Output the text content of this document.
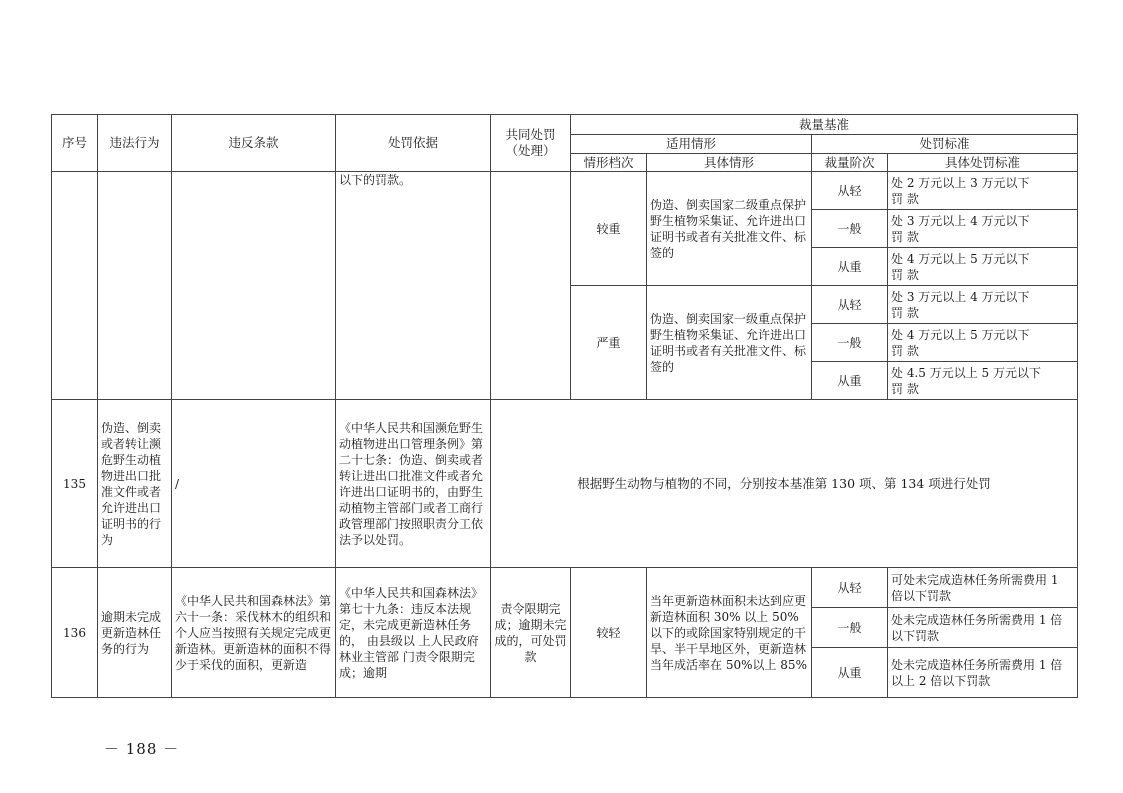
序号	违法行为	违反条款	处罚依据	共同处罚
（处理）	裁量基准			
					适用情形		处罚标准	
					情形档次	具体情形	裁量阶次	具体处罚标准
			以下的罚款。		较重	伪造、倒卖国家二级重点保护野生植物采集证、允许进出口证明书或者有关批准文件、标签的	从轻	处 2 万元以上 3 万元以下
罚 款
							一般	处 3 万元以上 4 万元以下
罚 款
							从重	处 4 万元以上 5 万元以下
罚 款
					严重	伪造、倒卖国家一级重点保护野生植物采集证、允许进出口证明书或者有关批准文件、标签的	从轻	处 3 万元以上 4 万元以下
罚 款
							一般	处 4 万元以上 5 万元以下
罚 款
							从重	处 4.5 万元以上 5 万元以下
罚 款
135	伪造、倒卖或者转让濒危野生动植物进出口批准文件或者允许进出口证明书的行为	/	《中华人民共和国濒危野生动植物进出口管理条例》第二十七条：伪造、倒卖或者转让进出口批准文件或者允许进出口证明书的，由野生动植物主管部门或者工商行政管理部门按照职责分工依法予以处罚。	根据野生动物与植物的不同，分别按本基准第 130 项、第 134 项进行处罚				
136	逾期未完成更新造林任务的行为	《中华人民共和国森林法》第六十一条：采伐林木的组织和个人应当按照有关规定完成更新造林。更新造林的面积不得少于采伐的面积，更新造	《中华人民共和国森林法》第七十九条：违反本法规定，未完成更新造林任务的， 由县级以 上人民政府林业主管部 门责令限期完成；逾期	责令限期完成；逾期未完成的，可处罚款	较轻	当年更新造林面积未达到应更新造林面积 30% 以上 50%以下的或除国家特别规定的干旱、半干旱地区外，更新造林当年成活率在 50%以上 85%	从轻	可处未完成造林任务所需费用 1 倍以下罚款
							一般	处未完成造林任务所需费用 1 倍以下罚款
							从重	处未完成造林任务所需费用 1 倍以上 2 倍以下罚款
－ 188 －
